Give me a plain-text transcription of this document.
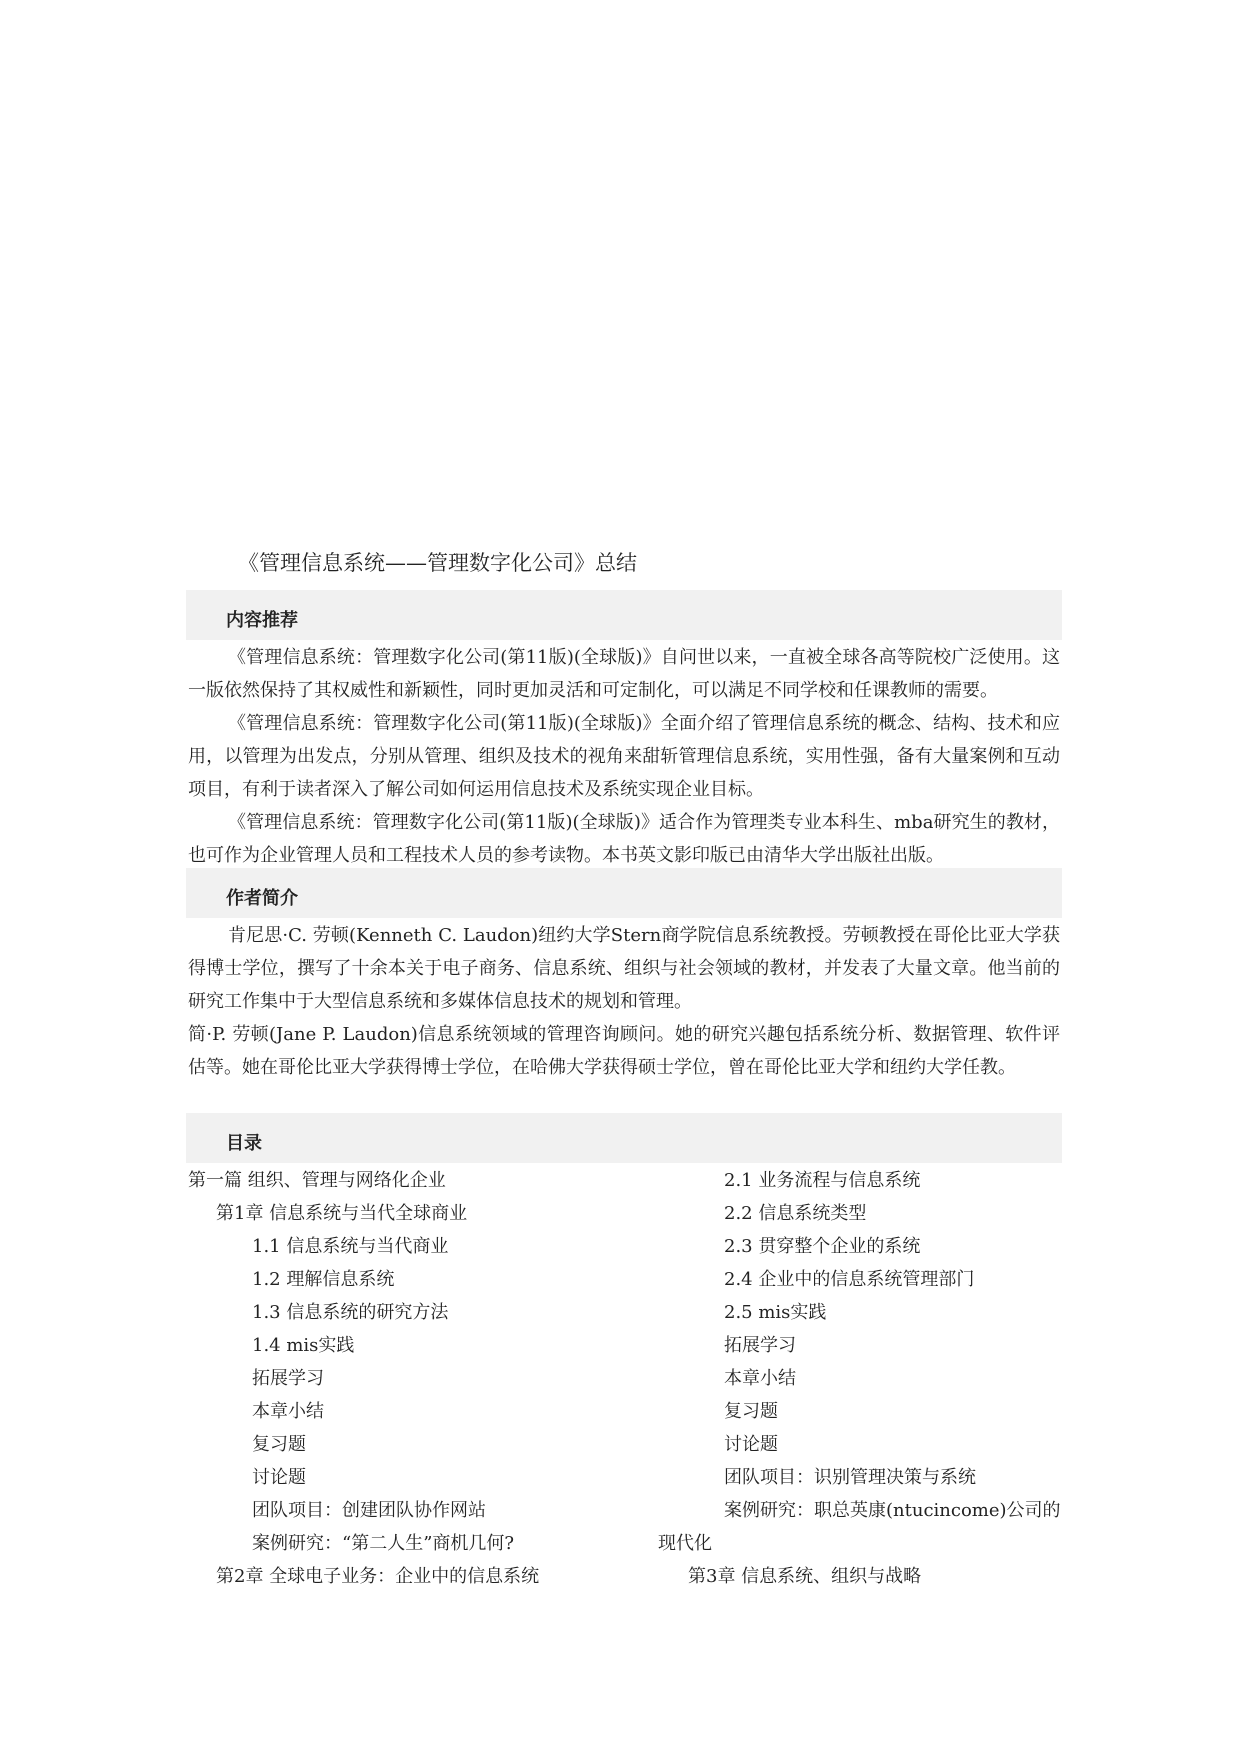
《管理信息系统——管理数字化公司》总结
内容推荐

《管理信息系统：管理数字化公司(第11版)(全球版)》自问世以来，一直被全球各高等院校广泛使用。这一版依然保持了其权威性和新颖性，同时更加灵活和可定制化，可以满足不同学校和任课教师的需要。

《管理信息系统：管理数字化公司(第11版)(全球版)》全面介绍了管理信息系统的概念、结构、技术和应用，以管理为出发点，分别从管理、组织及技术的视角来甜斩管理信息系统，实用性强，备有大量案例和互动项目，有利于读者深入了解公司如何运用信息技术及系统实现企业目标。

《管理信息系统：管理数字化公司(第11版)(全球版)》适合作为管理类专业本科生、mba研究生的教材，也可作为企业管理人员和工程技术人员的参考读物。本书英文影印版已由清华大学出版社出版。

作者简介

肯尼思·C. 劳顿(Kenneth C. Laudon)纽约大学Stern商学院信息系统教授。劳顿教授在哥伦比亚大学获得博士学位，撰写了十余本关于电子商务、信息系统、组织与社会领域的教材，并发表了大量文章。他当前的研究工作集中于大型信息系统和多媒体信息技术的规划和管理。

简·P. 劳顿(Jane P. Laudon)信息系统领域的管理咨询顾问。她的研究兴趣包括系统分析、数据管理、软件评估等。她在哥伦比亚大学获得博士学位，在哈佛大学获得硕士学位，曾在哥伦比亚大学和纽约大学任教。

目录
第一篇 组织、管理与网络化企业
第1章 信息系统与当代全球商业
1.1 信息系统与当代商业
1.2 理解信息系统
1.3 信息系统的研究方法
1.4 mis实践
拓展学习
本章小结
复习题
讨论题
团队项目：创建团队协作网站
案例研究：“第二人生”商机几何?
第2章 全球电子业务：企业中的信息系统
2.1 业务流程与信息系统
2.2 信息系统类型
2.3 贯穿整个企业的系统
2.4 企业中的信息系统管理部门
2.5 mis实践
拓展学习
本章小结
复习题
讨论题
团队项目：识别管理决策与系统
案例研究：职总英康(ntucincome)公司的
现代化
第3章 信息系统、组织与战略
